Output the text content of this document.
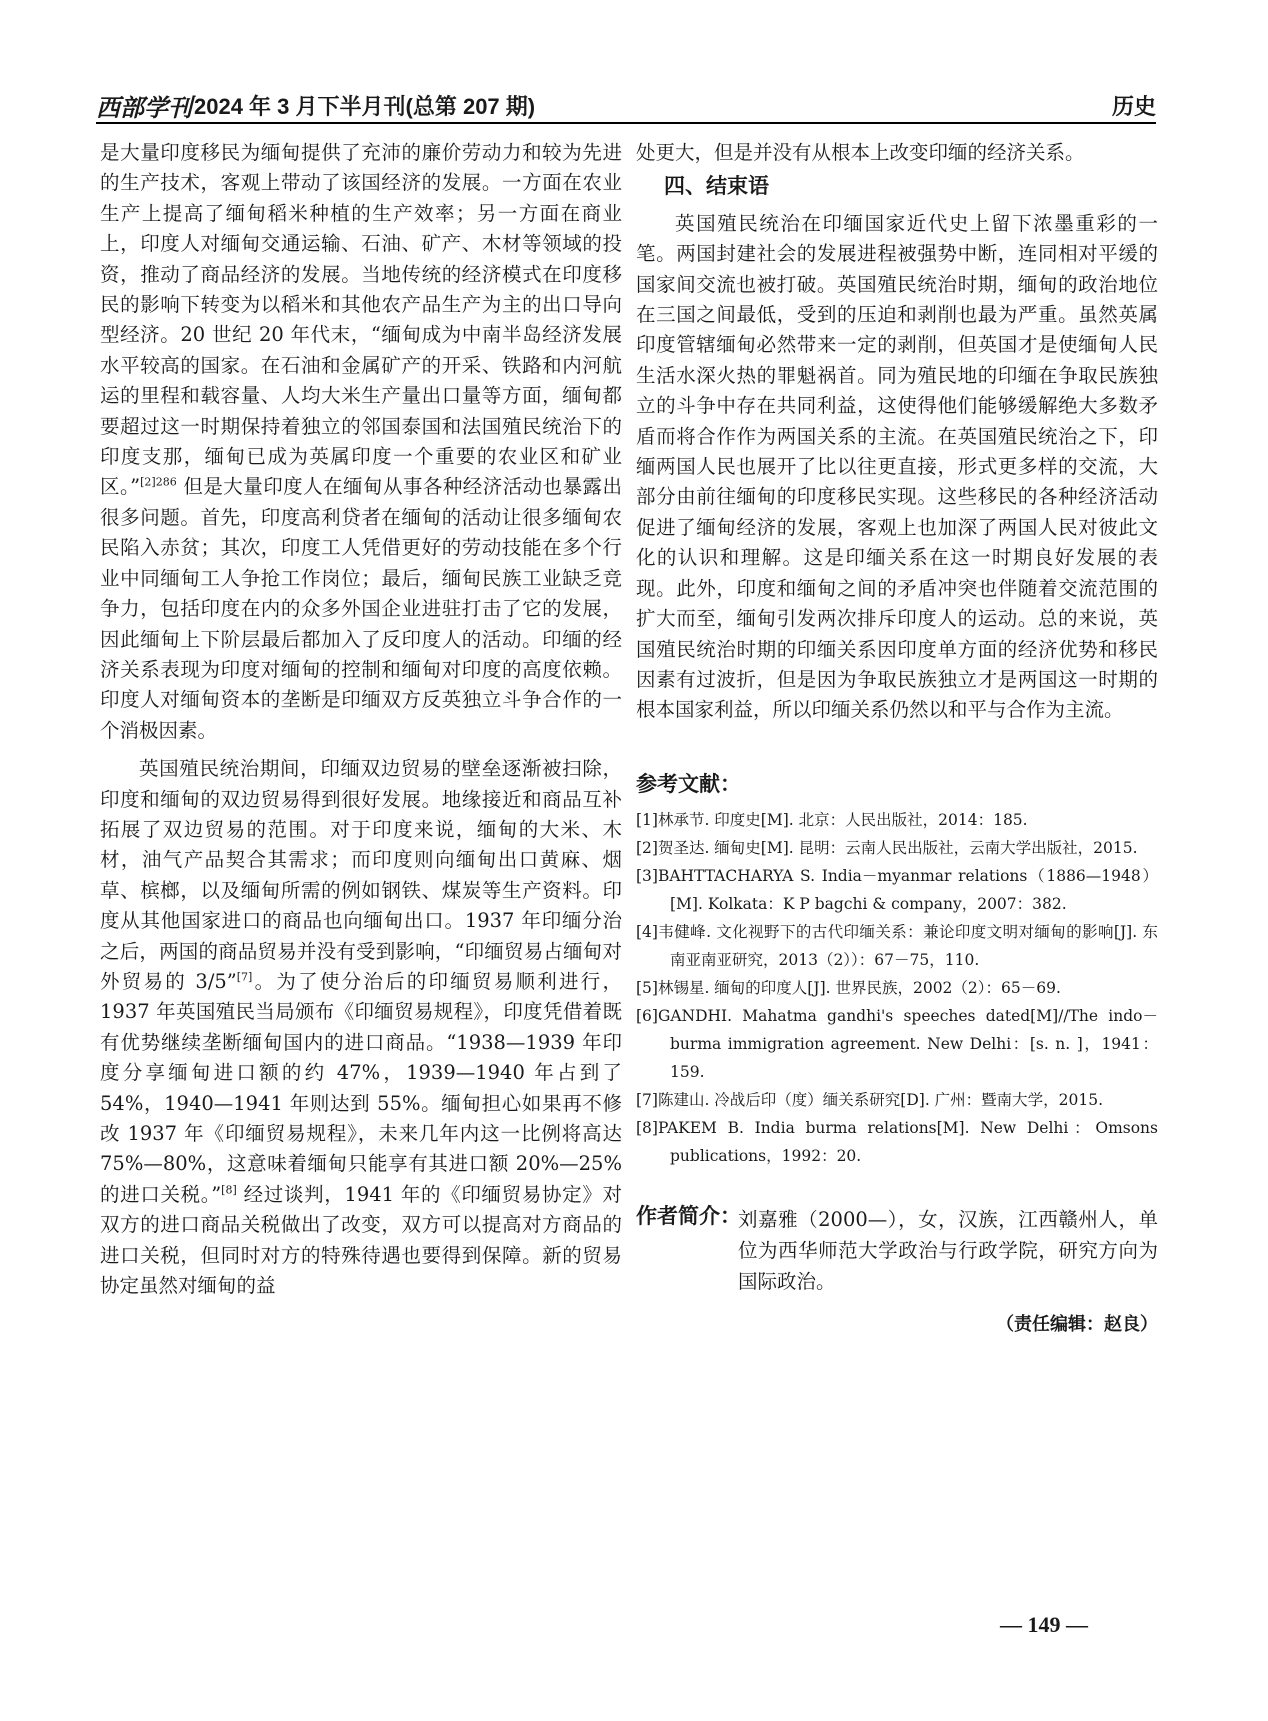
西部学刊 2024 年 3 月下半月刊(总第 207 期)	历史

是大量印度移民为缅甸提供了充沛的廉价劳动力和较为先进的生产技术，客观上带动了该国经济的发展。一方面在农业生产上提高了缅甸稻米种植的生产效率；另一方面在商业上，印度人对缅甸交通运输、石油、矿产、木材等领域的投资，推动了商品经济的发展。当地传统的经济模式在印度移民的影响下转变为以稻米和其他农产品生产为主的出口导向型经济。20 世纪 20 年代末，“缅甸成为中南半岛经济发展水平较高的国家。在石油和金属矿产的开采、铁路和内河航运的里程和载容量、人均大米生产量出口量等方面，缅甸都要超过这一时期保持着独立的邻国泰国和法国殖民统治下的印度支那，缅甸已成为英属印度一个重要的农业区和矿业区。”$^{[2]286}$ 但是大量印度人在缅甸从事各种经济活动也暴露出很多问题。首先，印度高利贷者在缅甸的活动让很多缅甸农民陷入赤贫；其次，印度工人凭借更好的劳动技能在多个行业中同缅甸工人争抢工作岗位；最后，缅甸民族工业缺乏竞争力，包括印度在内的众多外国企业进驻打击了它的发展，因此缅甸上下阶层最后都加入了反印度人的活动。印缅的经济关系表现为印度对缅甸的控制和缅甸对印度的高度依赖。印度人对缅甸资本的垄断是印缅双方反英独立斗争合作的一个消极因素。

英国殖民统治期间，印缅双边贸易的壁垒逐渐被扫除，印度和缅甸的双边贸易得到很好发展。地缘接近和商品互补拓展了双边贸易的范围。对于印度来说，缅甸的大米、木材，油气产品契合其需求；而印度则向缅甸出口黄麻、烟草、槟榔，以及缅甸所需的例如钢铁、煤炭等生产资料。印度从其他国家进口的商品也向缅甸出口。1937 年印缅分治之后，两国的商品贸易并没有受到影响，“印缅贸易占缅甸对外贸易的 3/5”[7]。为了使分治后的印缅贸易顺利进行，1937 年英国殖民当局颁布《印缅贸易规程》，印度凭借着既有优势继续垄断缅甸国内的进口商品。“1938—1939 年印度分享缅甸进口额的约 47%，1939—1940 年占到了 54%，1940—1941 年则达到 55%。缅甸担心如果再不修改 1937 年《印缅贸易规程》，未来几年内这一比例将高达 75%—80%，这意味着缅甸只能享有其进口额 20%—25%的进口关税。”[8] 经过谈判，1941 年的《印缅贸易协定》对双方的进口商品关税做出了改变，双方可以提高对方商品的进口关税，但同时对方的特殊待遇也要得到保障。新的贸易协定虽然对缅甸的益

处更大，但是并没有从根本上改变印缅的经济关系。

四、结束语

英国殖民统治在印缅国家近代史上留下浓墨重彩的一笔。两国封建社会的发展进程被强势中断，连同相对平缓的国家间交流也被打破。英国殖民统治时期，缅甸的政治地位在三国之间最低，受到的压迫和剥削也最为严重。虽然英属印度管辖缅甸必然带来一定的剥削，但英国才是使缅甸人民生活水深火热的罪魁祸首。同为殖民地的印缅在争取民族独立的斗争中存在共同利益，这使得他们能够缓解绝大多数矛盾而将合作作为两国关系的主流。在英国殖民统治之下，印缅两国人民也展开了比以往更直接，形式更多样的交流，大部分由前往缅甸的印度移民实现。这些移民的各种经济活动促进了缅甸经济的发展，客观上也加深了两国人民对彼此文化的认识和理解。这是印缅关系在这一时期良好发展的表现。此外，印度和缅甸之间的矛盾冲突也伴随着交流范围的扩大而至，缅甸引发两次排斥印度人的运动。总的来说，英国殖民统治时期的印缅关系因印度单方面的经济优势和移民因素有过波折，但是因为争取民族独立才是两国这一时期的根本国家利益，所以印缅关系仍然以和平与合作为主流。

参考文献：
[1]林承节. 印度史[M]. 北京：人民出版社，2014：185.
[2]贺圣达. 缅甸史[M]. 昆明：云南人民出版社，云南大学出版社，2015.
[3]BAHTTACHARYA S. India－myanmar relations（1886—1948）[M]. Kolkata：K P bagchi & company，2007：382.
[4]韦健峰. 文化视野下的古代印缅关系：兼论印度文明对缅甸的影响[J]. 东南亚南亚研究，2013（2））：67－75，110.
[5]林锡星. 缅甸的印度人[J]. 世界民族，2002（2）：65－69.
[6]GANDHI. Mahatma gandhi's speeches dated[M]//The indo－burma immigration agreement. New Delhi：[s. n. ]，1941：159.
[7]陈建山. 冷战后印（度）缅关系研究[D]. 广州：暨南大学，2015.
[8]PAKEM B. India burma relations[M]. New Delhi：Omsons publications，1992：20.
作者简介：
刘嘉雅（2000—），女，汉族，江西赣州人，单位为西华师范大学政治与行政学院，研究方向为国际政治。
（责任编辑：赵良）
— 149 —
